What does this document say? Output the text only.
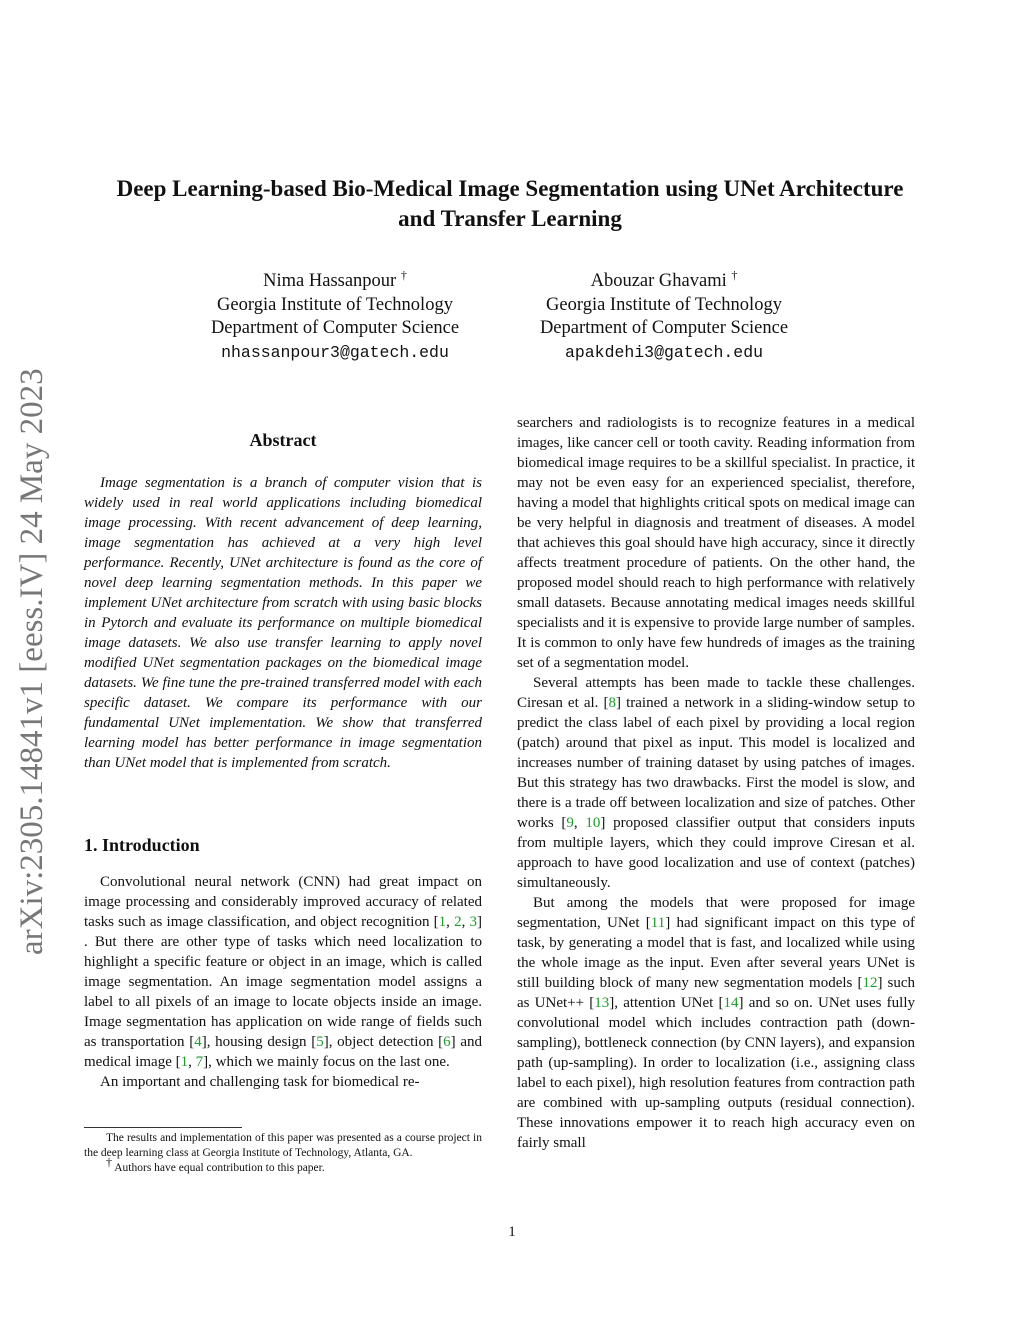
arXiv:2305.14841v1 [eess.IV] 24 May 2023
Deep Learning-based Bio-Medical Image Segmentation using UNet Architecture
and Transfer Learning
Nima Hassanpour †
Georgia Institute of Technology
Department of Computer Science
nhassanpour3@gatech.edu
Abouzar Ghavami †
Georgia Institute of Technology
Department of Computer Science
apakdehi3@gatech.edu
Abstract

Image segmentation is a branch of computer vision that is widely used in real world applications including biomedical image processing. With recent advancement of deep learning, image segmentation has achieved at a very high level performance. Recently, UNet architecture is found as the core of novel deep learning segmentation methods. In this paper we implement UNet architecture from scratch with using basic blocks in Pytorch and evaluate its performance on multiple biomedical image datasets. We also use transfer learning to apply novel modified UNet segmentation packages on the biomedical image datasets. We fine tune the pre-trained transferred model with each specific dataset. We compare its performance with our fundamental UNet implementation. We show that transferred learning model has better performance in image segmentation than UNet model that is implemented from scratch.

1. Introduction

Convolutional neural network (CNN) had great impact on image processing and considerably improved accuracy of related tasks such as image classification, and object recognition [1, 2, 3] . But there are other type of tasks which need localization to highlight a specific feature or object in an image, which is called image segmentation. An image segmentation model assigns a label to all pixels of an image to locate objects inside an image. Image segmentation has application on wide range of fields such as transportation [4], housing design [5], object detection [6] and medical image [1, 7], which we mainly focus on the last one.

An important and challenging task for biomedical re-

The results and implementation of this paper was presented as a course project in the deep learning class at Georgia Institute of Technology, Atlanta, GA.

† Authors have equal contribution to this paper.

searchers and radiologists is to recognize features in a medical images, like cancer cell or tooth cavity. Reading information from biomedical image requires to be a skillful specialist. In practice, it may not be even easy for an experienced specialist, therefore, having a model that highlights critical spots on medical image can be very helpful in diagnosis and treatment of diseases. A model that achieves this goal should have high accuracy, since it directly affects treatment procedure of patients. On the other hand, the proposed model should reach to high performance with relatively small datasets. Because annotating medical images needs skillful specialists and it is expensive to provide large number of samples. It is common to only have few hundreds of images as the training set of a segmentation model.

Several attempts has been made to tackle these challenges. Ciresan et al. [8] trained a network in a sliding-window setup to predict the class label of each pixel by providing a local region (patch) around that pixel as input. This model is localized and increases number of training dataset by using patches of images. But this strategy has two drawbacks. First the model is slow, and there is a trade off between localization and size of patches. Other works [9, 10] proposed classifier output that considers inputs from multiple layers, which they could improve Ciresan et al. approach to have good localization and use of context (patches) simultaneously.

But among the models that were proposed for image segmentation, UNet [11] had significant impact on this type of task, by generating a model that is fast, and localized while using the whole image as the input. Even after several years UNet is still building block of many new segmentation models [12] such as UNet++ [13], attention UNet [14] and so on. UNet uses fully convolutional model which includes contraction path (down-sampling), bottleneck connection (by CNN layers), and expansion path (up-sampling). In order to localization (i.e., assigning class label to each pixel), high resolution features from contraction path are combined with up-sampling outputs (residual connection). These innovations empower it to reach high accuracy even on fairly small

1
